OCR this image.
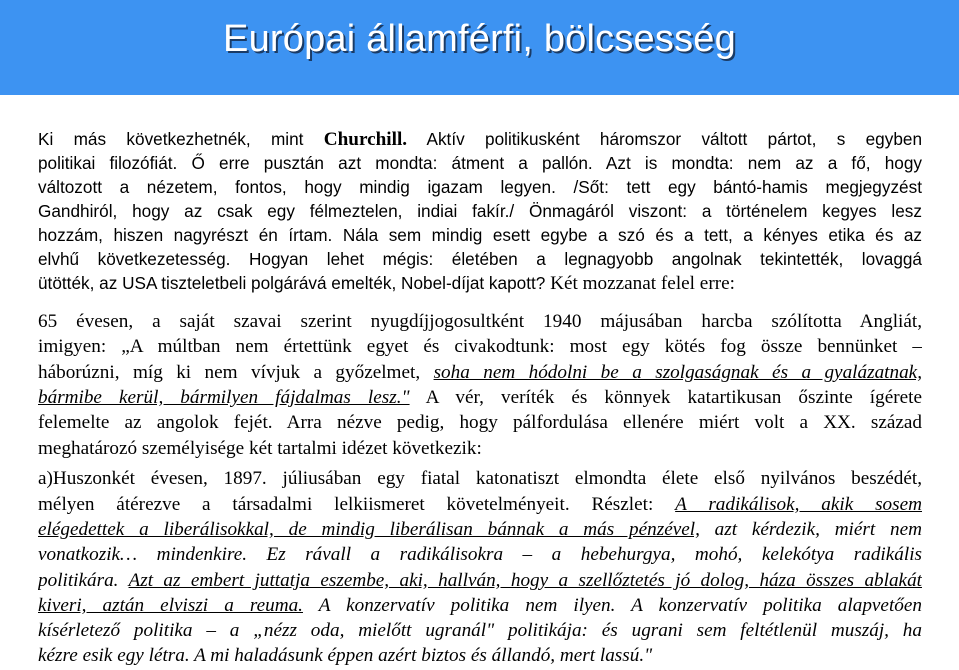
Európai államférfi, bölcsesség
Ki más következhetnék, mint Churchill. Aktív politikusként háromszor váltott pártot, s egyben
politikai filozófiát. Ő erre pusztán azt mondta: átment a pallón. Azt is mondta: nem az a fő, hogy
változott a nézetem, fontos, hogy mindig igazam legyen. /Sőt: tett egy bántó-hamis megjegyzést
Gandhiról, hogy az csak egy félmeztelen, indiai fakír./ Önmagáról viszont: a történelem kegyes lesz
hozzám, hiszen nagyrészt én írtam. Nála sem mindig esett egybe a szó és a tett, a kényes etika és az
elvhű következetesség. Hogyan lehet mégis: életében a legnagyobb angolnak tekintették, lovaggá
ütötték, az USA tiszteletbeli polgárává emelték, Nobel-díjat kapott? Két mozzanat felel erre:
65 évesen, a saját szavai szerint nyugdíjjogosultként 1940 májusában harcba szólította Angliát,
imigyen: „A múltban nem értettünk egyet és civakodtunk: most egy kötés fog össze bennünket –
háborúzni, míg ki nem vívjuk a győzelmet, soha nem hódolni be a szolgaságnak és a gyalázatnak,
bármibe kerül, bármilyen fájdalmas lesz." A vér, veríték és könnyek katartikusan őszinte ígérete
felemelte az angolok fejét. Arra nézve pedig, hogy pálfordulása ellenére miért volt a XX. század
meghatározó személyisége két tartalmi idézet következik:
a)Huszonkét évesen, 1897. júliusában egy fiatal katonatiszt elmondta élete első nyilvános beszédét,
mélyen átérezve a társadalmi lelkiismeret követelményeit. Részlet: A radikálisok, akik sosem
elégedettek a liberálisokkal, de mindig liberálisan bánnak a más pénzével, azt kérdezik, miért nem
vonatkozik… mindenkire. Ez rávall a radikálisokra – a hebehurgya, mohó, kelekótya radikális
politikára. Azt az embert juttatja eszembe, aki, hallván, hogy a szellőztetés jó dolog, háza összes ablakát
kiveri, aztán elviszi a reuma. A konzervatív politika nem ilyen. A konzervatív politika alapvetően
kísérletező politika – a „nézz oda, mielőtt ugranál" politikája: és ugrani sem feltétlenül muszáj, ha
kézre esik egy létra. A mi haladásunk éppen azért biztos és állandó, mert lassú."
